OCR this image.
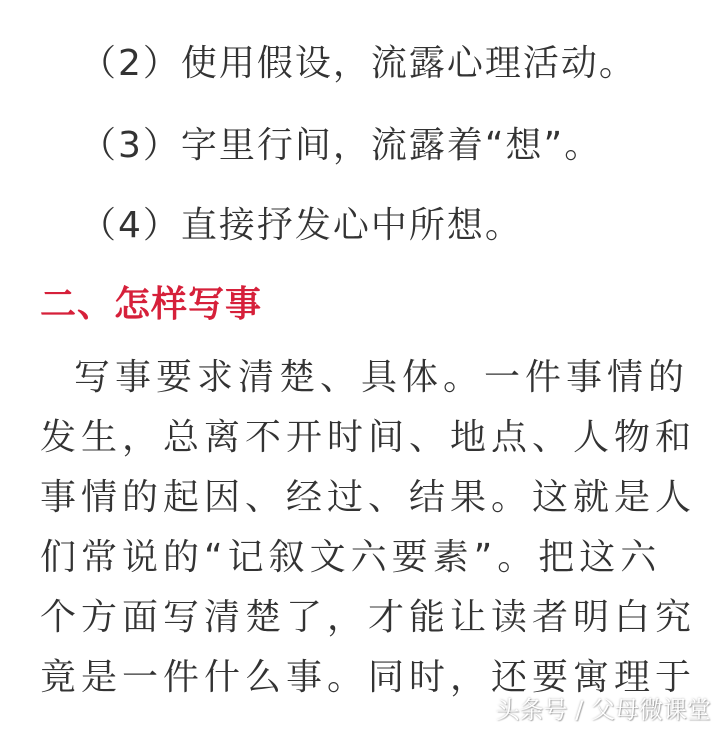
（2）使用假设，流露心理活动。
（3）字里行间，流露着“想”。
（4）直接抒发心中所想。
二、怎样写事
写事要求清楚、具体。一件事情的
发生，总离不开时间、地点、人物和
事情的起因、经过、结果。这就是人
们常说的“记叙文六要素”。把这六
个方面写清楚了，才能让读者明白究
竟是一件什么事。同时，还要寓理于
头条号 / 父母微课堂
